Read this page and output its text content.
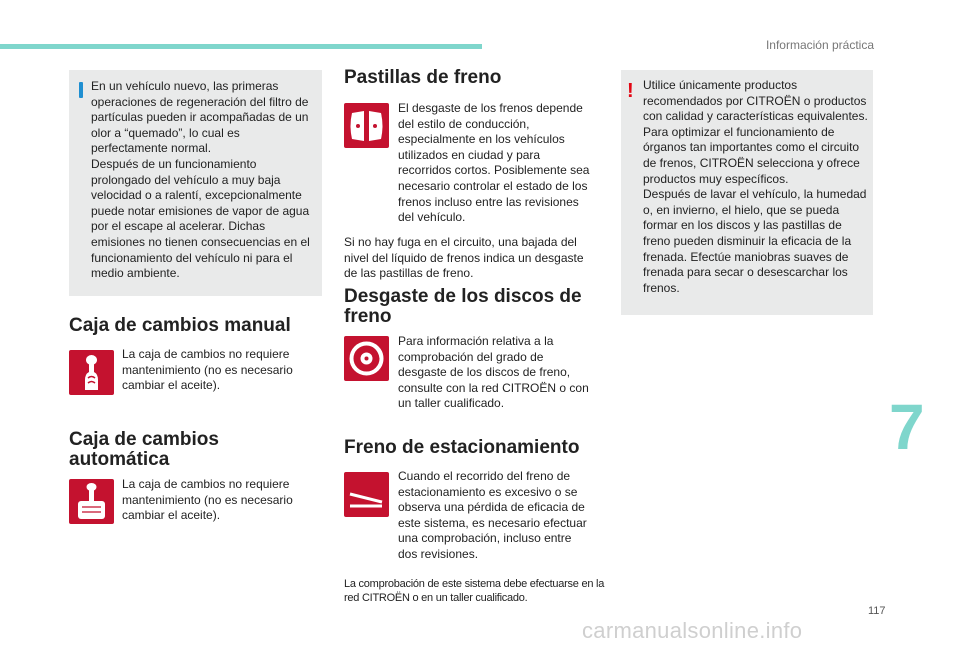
Información práctica
7
117

En un vehículo nuevo, las primeras operaciones de regeneración del filtro de partículas pueden ir acompañadas de un olor a “quemado”, lo cual es perfectamente normal.

Después de un funcionamiento prolongado del vehículo a muy baja velocidad o a ralentí, excepcionalmente puede notar emisiones de vapor de agua por el escape al acelerar. Dichas emisiones no tienen consecuencias en el funcionamiento del vehículo ni para el medio ambiente.

Caja de cambios manual
La caja de cambios no requiere mantenimiento (no es necesario cambiar el aceite).
Caja de cambios
automática
La caja de cambios no requiere mantenimiento (no es necesario cambiar el aceite).
Pastillas de freno
El desgaste de los frenos depende del estilo de conducción, especialmente en los vehículos utilizados en ciudad y para recorridos cortos. Posiblemente sea necesario controlar el estado de los frenos incluso entre las revisiones del vehículo.
Si no hay fuga en el circuito, una bajada del nivel del líquido de frenos indica un desgaste de las pastillas de freno.
Desgaste de los discos de
freno
Para información relativa a la comprobación del grado de desgaste de los discos de freno, consulte con la red CITROËN o con un taller cualificado.
Freno de estacionamiento
Cuando el recorrido del freno de estacionamiento es excesivo o se observa una pérdida de eficacia de este sistema, es necesario efectuar una comprobación, incluso entre dos revisiones.
La comprobación de este sistema debe efectuarse en la red CITROËN o en un taller cualificado.
! Utilice únicamente productos recomendados por CITROËN o productos con calidad y características equivalentes.

Para optimizar el funcionamiento de órganos tan importantes como el circuito de frenos, CITROËN selecciona y ofrece productos muy específicos.

Después de lavar el vehículo, la humedad o, en invierno, el hielo, que se pueda formar en los discos y las pastillas de freno pueden disminuir la eficacia de la frenada. Efectúe maniobras suaves de frenada para secar o desescarchar los frenos.

carmanualsonline.info
